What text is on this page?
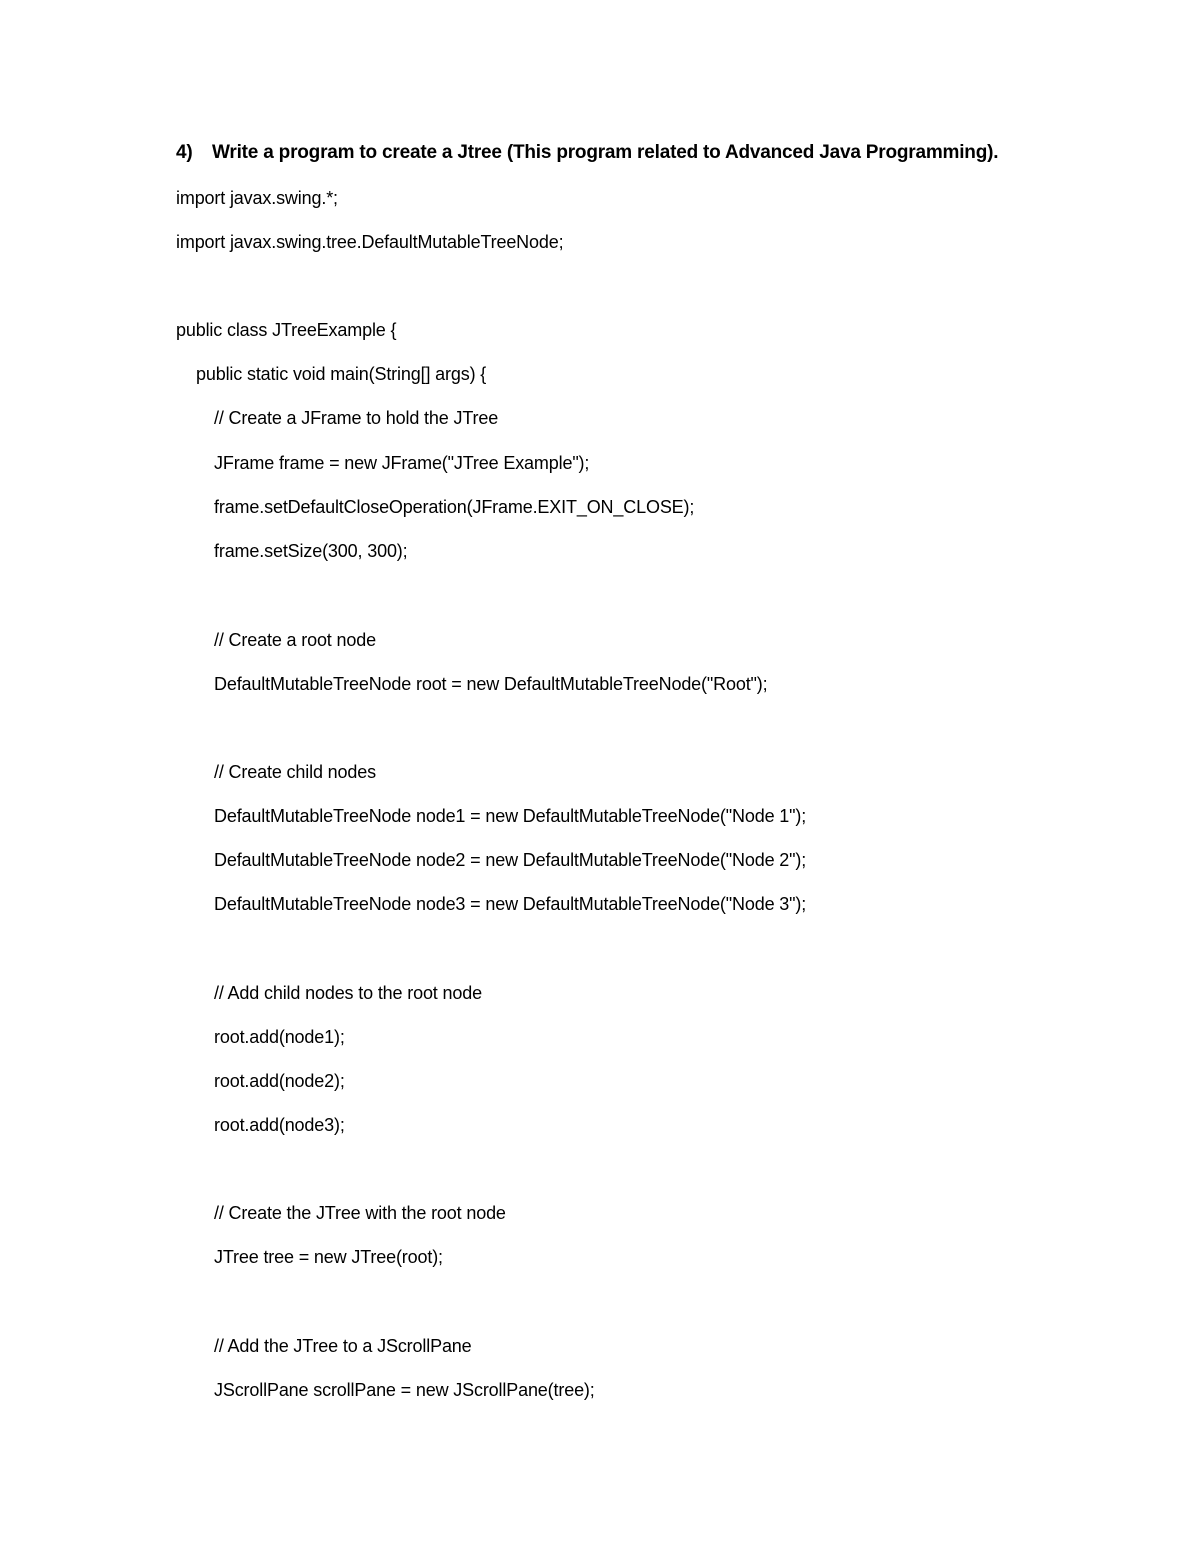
4) Write a program to create a Jtree (This program related to Advanced Java Programming).
import javax.swing.*;
import javax.swing.tree.DefaultMutableTreeNode;
public class JTreeExample {
public static void main(String[] args) {
// Create a JFrame to hold the JTree
JFrame frame = new JFrame("JTree Example");
frame.setDefaultCloseOperation(JFrame.EXIT_ON_CLOSE);
frame.setSize(300, 300);
// Create a root node
DefaultMutableTreeNode root = new DefaultMutableTreeNode("Root");
// Create child nodes
DefaultMutableTreeNode node1 = new DefaultMutableTreeNode("Node 1");
DefaultMutableTreeNode node2 = new DefaultMutableTreeNode("Node 2");
DefaultMutableTreeNode node3 = new DefaultMutableTreeNode("Node 3");
// Add child nodes to the root node
root.add(node1);
root.add(node2);
root.add(node3);
// Create the JTree with the root node
JTree tree = new JTree(root);
// Add the JTree to a JScrollPane
JScrollPane scrollPane = new JScrollPane(tree);
